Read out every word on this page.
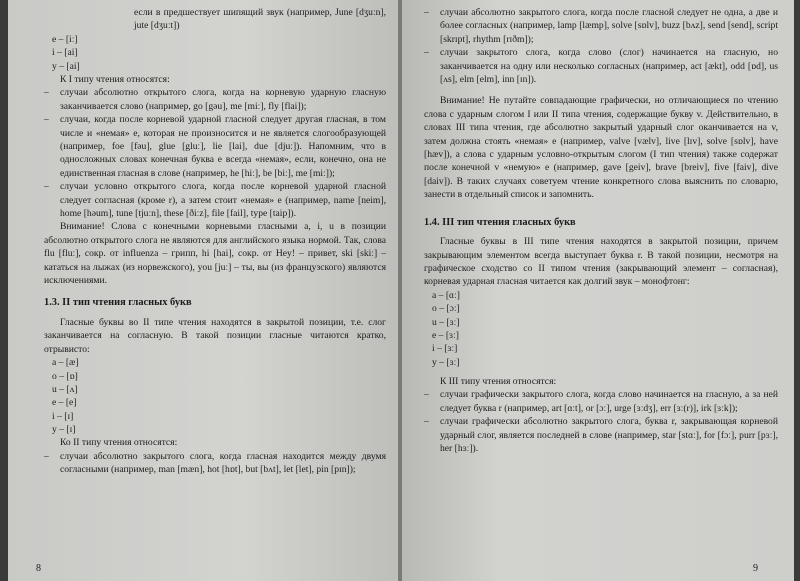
если в предшествует шипящий звук (например, June [dʒuːn], jute [dʒuːt])

e – [iː]
i – [ai]
y – [ai]

К I типу чтения относятся:

– случаи абсолютно открытого слога, когда на корневую ударную гласную заканчивается слово (например, go [gəu], me [miː], fly [flai]);

– случаи, когда после корневой ударной гласной следует другая гласная, в том числе и «немая» е, которая не произносится и не является слогообразующей (например, foe [fəu], glue [gluː], lie [lai], due [djuː]). Напомним, что в односложных словах конечная буква е всегда «немая», если, конечно, она не единственная гласная в слове (например, he [hiː], be [biː], me [miː]);

– случаи условно открытого слога, когда после корневой ударной гласной следует согласная (кроме r), а затем стоит «немая» е (например, name [neim], home [həum], tune [tjuːn], these [ðiːz], file [fail], type [taip]).

Внимание! Слова с конечными корневыми гласными а, i, u в позиции абсолютно открытого слога не являются для английского языка нормой. Так, слова flu [fluː], сокр. от influenza – грипп, hi [hai], сокр. от Hey! – привет, ski [skiː] – кататься на лыжах (из норвежского), you [juː] – ты, вы (из французского) являются исключениями.

1.3. II тип чтения гласных букв

Гласные буквы во II типе чтения находятся в закрытой позиции, т.е. слог заканчивается на согласную. В такой позиции гласные читаются кратко, отрывисто:

a – [æ]
o – [ɒ]
u – [ʌ]
e – [e]
i – [ɪ]
y – [ɪ]

Ко II типу чтения относятся:

– случаи абсолютно закрытого слога, когда гласная находится между двумя согласными (например, man [mæn], hot [hɒt], but [bʌt], let [let], pin [pɪn]);

8

– случаи абсолютно закрытого слога, когда после гласной следует не одна, а две и более согласных (например, lamp [læmp], solve [sɒlv], buzz [bʌz], send [send], script [skrɪpt], rhythm [rɪðm]);

– случаи закрытого слога, когда слово (слог) начинается на гласную, но заканчивается на одну или несколько согласных (например, act [ækt], odd [ɒd], us [ʌs], elm [elm], inn [ɪn]).

Внимание! Не путайте совпадающие графически, но отличающиеся по чтению слова с ударным слогом I или II типа чтения, содержащие букву v. Действительно, в словах III типа чтения, где абсолютно закрытый ударный слог оканчивается на v, затем должна стоять «немая» е (например, valve [vælv], live [lɪv], solve [sɒlv], have [hæv]), а слова с ударным условно-открытым слогом (I тип чтения) также содержат после конечной v «немую» е (например, gave [geiv], brave [breiv], five [faiv], dive [daiv]). В таких случаях советуем чтение конкретного слова выяснить по словарю, занести в отдельный список и запомнить.

1.4. III тип чтения гласных букв

Гласные буквы в III типе чтения находятся в закрытой позиции, причем закрывающим элементом всегда выступает буква r. В такой позиции, несмотря на графическое сходство со II типом чтения (закрывающий элемент – согласная), корневая ударная гласная читается как долгий звук – монофтонг:

a – [ɑː]
o – [ɔː]
u – [ɜː]
e – [ɜː]
i – [ɜː]
y – [ɜː]

К III типу чтения относятся:

– случаи графически закрытого слога, когда слово начинается на гласную, а за ней следует буква r (например, art [ɑːt], or [ɔː], urge [ɜːdʒ], err [ɜː(r)], irk [ɜːk]);

– случаи графически абсолютно закрытого слога, буква r, закрывающая корневой ударный слог, является последней в слове (например, star [stɑː], for [fɔː], purr [pɜː], her [hɜː]).

9
